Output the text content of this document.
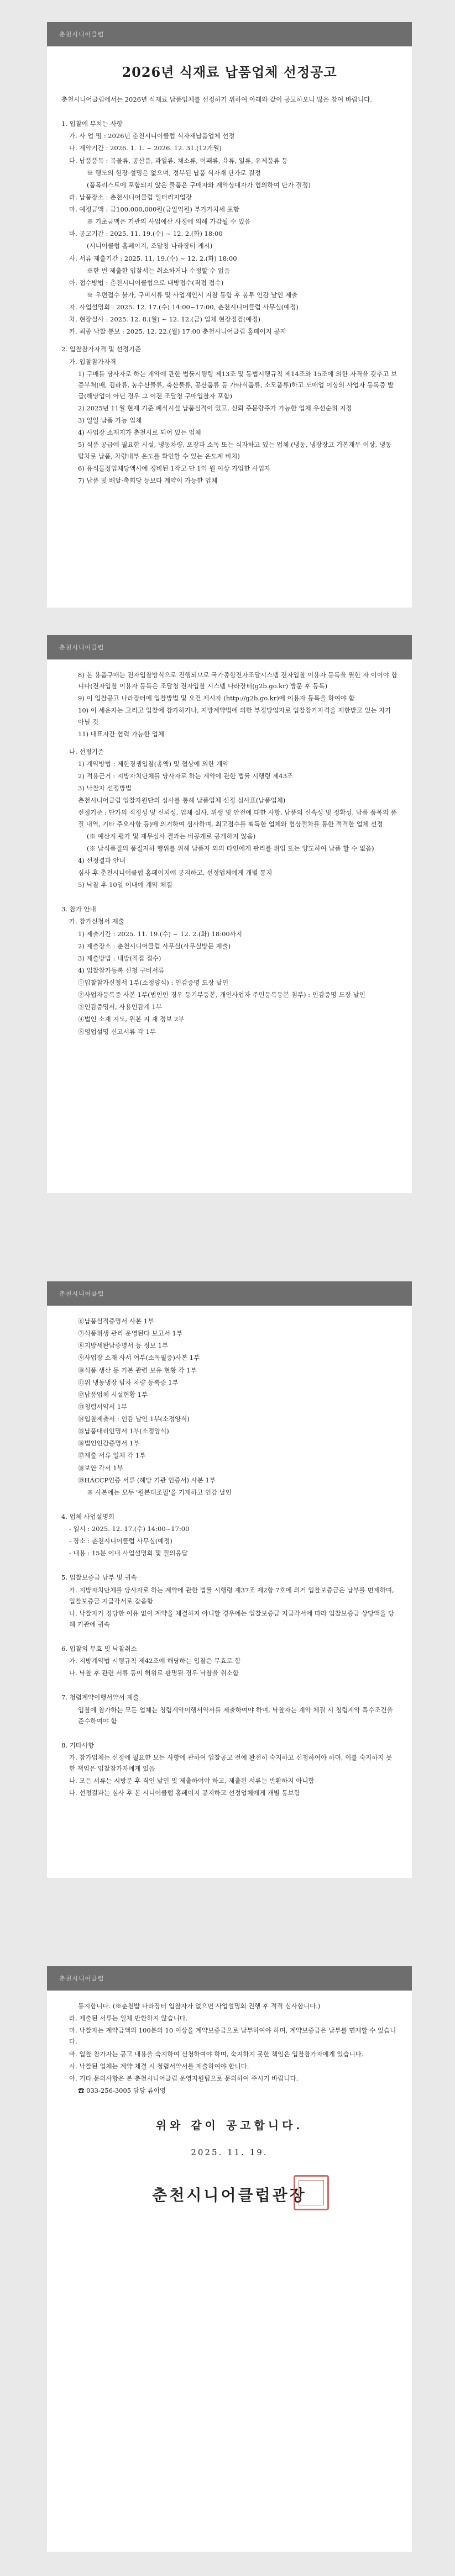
춘천시니어클럽
2026년 식재료 납품업체 선정공고
춘천시니어클럽에서는 2026년 식재료 납품업체를 선정하기 위하여 아래와 같이 공고하오니 많은 참여 바랍니다.
1. 입찰에 부치는 사항
가. 사 업 명 : 2026년 춘천시니어클럽 식자재납품업체 선정
나. 계약기간 : 2026. 1. 1. ~ 2026. 12. 31.(12개월)
다. 납품품목 : 곡물류, 공산품, 과일류, 채소류, 어패류, 육류, 일류, 유제품류 등
※ 행도의 현장·설명은 없으며, 정부된 납품 식자재 단가로 결정
(품목리스트에 포함되지 않은 물품은 구매자와 계약상대자가 협의하여 단가 결정)
라. 납품장소 : 춘천시니어클럽 일터리지업장
마. 예정금액 : 금100,000,000원(금일억원) 부가가치세 포함
※ 기초금액은 기관의 사업예산 사정에 의해 가감될 수 있음
바. 공고기간 : 2025. 11. 19.(수) ~ 12. 2.(화) 18:00
(시니어클럽 홈페이지, 조달청 나라장터 게시)
사. 서류 제출기간 : 2025. 11. 19.(수) ~ 12. 2.(화) 18:00
※한 번 제출한 입찰서는 취소하거나 수정할 수 없음
아. 접수방법 : 춘천시니어클럽으로 내방접수(직접 접수)
※ 우편접수 불가, 구비서류 및 사업계인서 지참 통함 후 봉투 인감 날인 제출
자. 사업설명회 : 2025. 12. 17.(수) 14:00~17:00, 춘천시니어클럽 사무실(예정)
차. 현장실사 : 2025. 12. 8.(월) ~ 12. 12.(금) 업체 현장점검(예정)
카. 최종 낙찰 통보 : 2025. 12. 22.(월) 17:00 춘천시니어클럽 홈페이지 공지
2. 입찰참가자격 및 선정기준
가. 입찰참가자격
1) 구매를 당사자로 하는 계약에 관한 법률시행령 제13조 및 동법시행규칙 제14조와 15조에 의한 자격을 갖추고 보증부처(배, 김라류, 농수산물류, 축산물류, 공산품류 등 가타식품류, 소모품류)하고 도매업 이상의 사업자 등록증 발급(해당업이 아닌 경우 그 이전 조달청 구매입찰자 포함)
2) 2025년 11월 현재 기준 폐식시설 납품실적이 있고, 신뢰 주문량주가 가능한 업체 우선순위 지정
3) 일일 납품 가능 업체
4) 사업장 소재지가 춘천시로 되어 있는 업체
5) 식품 공급에 필요한 시설, 냉동차량, 포장과 소독 또는 식자하고 있는 업체 (냉동, 냉장장고 기본재무 이상, 냉동 탑차로 납품, 차량내부 온도를 확인할 수 있는 온도계 비치)
6) 유식물정업체당액사에 정비된 1작고 단 1억 원 이상 가입한 사업자
7) 납품 및 배달·축회당 등보다 계약이 가능한 업체
춘천시니어클럽
8) 본 용품구매는 전자입찰방식으로 진행되므로 국가종합전자조달시스템 전자입찰 이용자 등록을 필한 자 이어야 합니다(전자입찰 이용자 등록은 조달청 전자입찰 시스템 나라장터(g2b.go.kr) 방문 후 등록)
9) 이 입찰공고 나라장터에 입찰방법 및 요건 제시자 (http://g2b.go.kr)에 이용자 등록을 하여야 함
10) 이 세운자는 고리고 입찰에 참가하거나, 지방계약법에 의한 부정당업자로 입찰참가자격을 제한받고 있는 자가 아닐 것
11) 대표자간 협력 가능한 업체
나. 선정기준
1) 계약방법 : 제한경쟁입찰(총액) 및 협상에 의한 계약
2) 적용근거 : 지방자치단체를 당사자로 하는 계약에 관한 법률 시행령 제43조
3) 낙찰자 선정방법
춘천시니어클럽 입찰자원단의 심사를 통해 납품업체 선정 심사표(납품업체)
선정기준 : 단가의 적정성 및 신뢰성, 업체 실사, 위생 및 안전에 대한 사항, 납품의 신속성 및 정확성, 납품 품목의 품질 내역, 기타 주요사항 등)에 의거하여 심사하며, 최고점수를 획득한 업체와 협상절차를 통한 적격한 업체 선정
(※ 예산지 평가 및 재무심사 결과는 비공개로 공개하지 않음)
(※ 납식품질의 품질저하 행위를 위해 납품자 외의 타인에게 판리를 위임 또는 양도하여 납품 할 수 없음)
4) 선정결과 안내
심사 후 춘천시니어클럽 홈페이지에 공지하고, 선정업체에게 개별 통지
5) 낙찰 후 10일 이내에 계약 체결
3. 참가 안내
가. 참가신청서 제출
1) 제출기간 : 2025. 11. 19.(수) ~ 12. 2.(화) 18:00까지
2) 제출장소 : 춘천시니어클럽 사무실(사무실방문 제출)
3) 제출방법 : 내방(직접 접수)
4) 입찰참가등록 신청 구비서류
①입찰참가신청서 1부(소정양식) : 인감증명 도장 날인
②사업자등록증 사본 1부(법인인 경우 등기부등본, 개인사업자 주민등록등본 첨부) : 인감증명 도장 날인
③인감증명서, 사용인감계 1부
④법인 소재 지도, 원본 지 재 정보 2부
⑤영업설명 신고서류 각 1부
춘천시니어클럽
⑥납품실적증명서 사본 1부
⑦식품위생 관리 운영된다 보고서 1부
⑧지방세완납증명서 등 정보 1부
⑨사업장 소재 사서 여부(소독필증)사본 1부
⑩식품 생산 등 기본 관련 보유 현황 각 1부
⑪위 냉동냉장 탑차 차량 등록증 1부
⑫납품업체 시설현황 1부
⑬청렴서약서 1부
⑭입찰제출서 : 인감 날인 1부(소정양식)
⑮납품대리인명서 1부(소정양식)
⑯법인인감증명서 1부
⑰제출 서류 일체 각 1부
⑱보안 각서 1부
⑲HACCP인증 서류 (해당 기관 인증서) 사본 1부
※ 사본에는 모두 '원본대조필'을 기재하고 인감 날인
4. 업체 사업설명회
- 일시 : 2025. 12. 17.(수) 14:00~17:00
- 장소 : 춘천시니어클럽 사무실(예정)
- 내용 : 15분 이내 사업설명회 및 질의응답
5. 입찰보증금 납부 및 귀속
가. 지방자치단체를 당사자로 하는 계약에 관한 법률 시행령 제37조 제2항 7호에 의거 입찰보증금은 납부를 면제하며, 입찰보증금 지급각서로 갈음함
나. 낙찰자가 정당한 이유 없이 계약을 체결하지 아니할 경우에는 입찰보증금 지급각서에 따라 입찰보증금 상당액을 당해 기관에 귀속
6. 입찰의 무효 및 낙찰취소
가. 지방계약법 시행규칙 제42조에 해당하는 입찰은 무효로 함
나. 낙찰 후 관련 서류 등이 허위로 판명될 경우 낙찰을 취소함
7. 청렴계약이행서약서 제출
입찰에 참가하는 모든 업체는 청렴계약이행서약서를 제출하여야 하며, 낙찰자는 계약 체결 시 청렴계약 특수조건을 준수하여야 함
8. 기타사항
가. 참가업체는 선정에 필요한 모든 사항에 관하여 입찰공고 전에 완전히 숙지하고 신청하여야 하며, 이를 숙지하지 못한 책임은 입찰참가자에게 있음
나. 모든 서류는 시방문 후 직인 날인 및 제출하여야 하고, 제출된 서류는 반환하지 아니함
다. 선정결과는 심사 후 본 시니어클럽 홈페이지 공지하고 선정업체에게 개별 통보함
춘천시니어클럽
통지합니다. (※춘천밥 나라장터 입찰자가 없으면 사업설명회 진행 후 적격 심사합니다.)
라. 제출된 서류는 일체 반환하지 않습니다.
마. 낙찰자는 계약금액의 100분의 10 이상을 계약보증금으로 납부하여야 하며, 계약보증금은 납부를 면제할 수 있습니다.
바. 입찰 참가자는 공고 내용을 숙지하여 신청하여야 하며, 숙지하지 못한 책임은 입찰참가자에게 있습니다.
사. 낙찰된 업체는 계약 체결 시 청렴서약서를 제출하여야 합니다.
아. 기타 문의사항은 본 춘천시니어클럽 운영지원팀으로 문의하여 주시기 바랍니다.
☎ 033-256-3005 담당 류이영
위와 같이 공고합니다.
2025. 11. 19.
춘천시니어클럽관장
